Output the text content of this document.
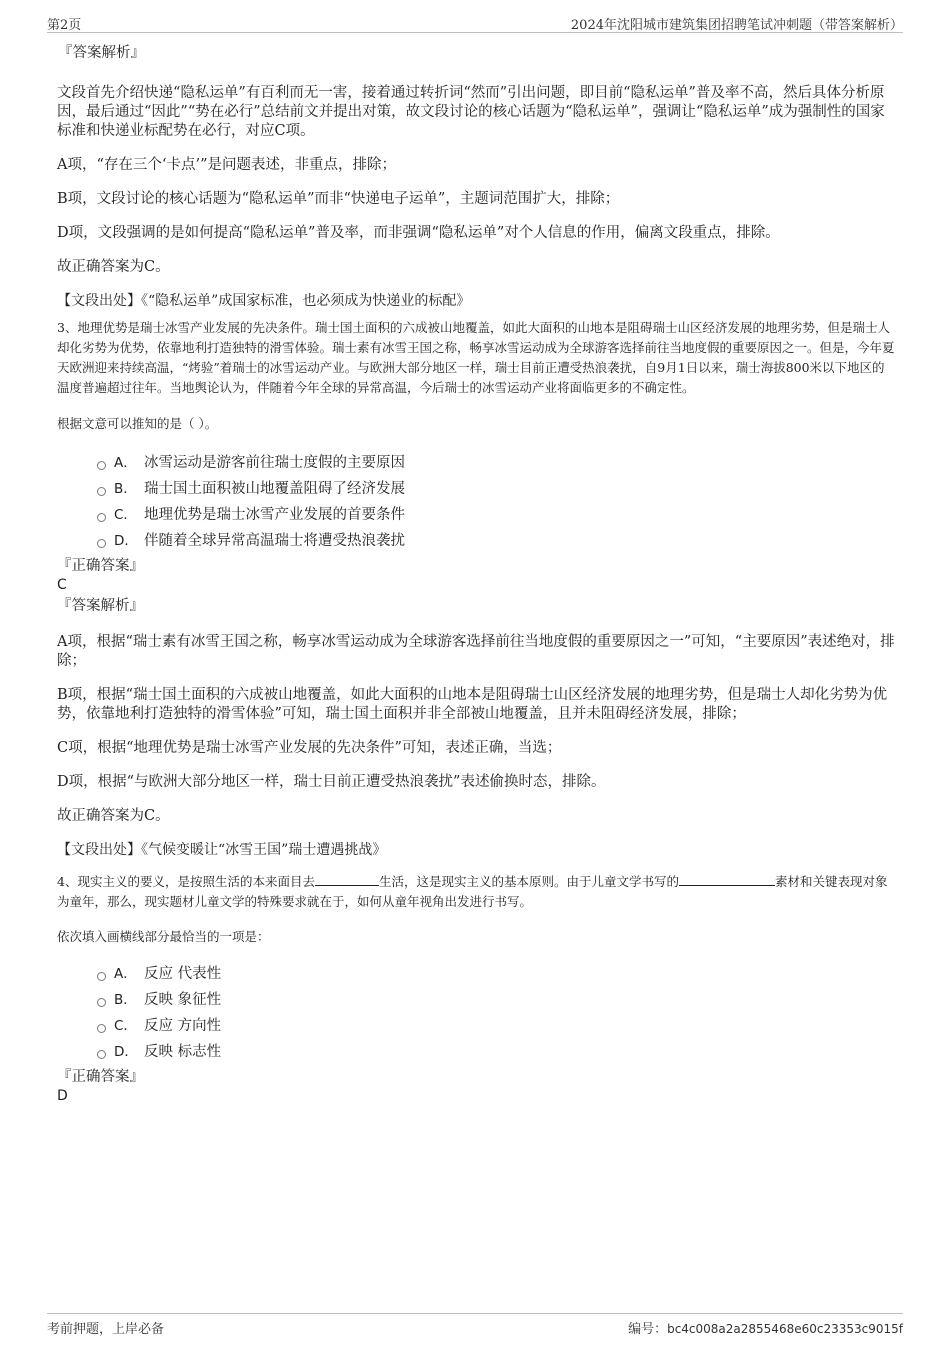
第2页	2024年沈阳城市建筑集团招聘笔试冲刺题（带答案解析）
『答案解析』
文段首先介绍快递“隐私运单”有百利而无一害，接着通过转折词“然而”引出问题，即目前“隐私运单”普及率不高，然后具体分析原因，最后通过“因此”“势在必行”总结前文并提出对策，故文段讨论的核心话题为“隐私运单”，强调让“隐私运单”成为强制性的国家标准和快递业标配势在必行，对应C项。
A项，“存在三个‘卡点’”是问题表述，非重点，排除；
B项，文段讨论的核心话题为“隐私运单”而非“快递电子运单”，主题词范围扩大，排除；
D项，文段强调的是如何提高“隐私运单”普及率，而非强调“隐私运单”对个人信息的作用，偏离文段重点，排除。
故正确答案为C。
【文段出处】《“隐私运单”成国家标准，也必须成为快递业的标配》
3、地理优势是瑞士冰雪产业发展的先决条件。瑞士国土面积的六成被山地覆盖，如此大面积的山地本是阻碍瑞士山区经济发展的地理劣势，但是瑞士人却化劣势为优势，依靠地利打造独特的滑雪体验。瑞士素有冰雪王国之称，畅享冰雪运动成为全球游客选择前往当地度假的重要原因之一。但是，今年夏天欧洲迎来持续高温，“烤验”着瑞士的冰雪运动产业。与欧洲大部分地区一样，瑞士目前正遭受热浪袭扰，自9月1日以来，瑞士海拔800米以下地区的温度普遍超过往年。当地舆论认为，伴随着今年全球的异常高温，今后瑞士的冰雪运动产业将面临更多的不确定性。
根据文意可以推知的是（ ）。
A． 冰雪运动是游客前往瑞士度假的主要原因
B． 瑞士国土面积被山地覆盖阻碍了经济发展
C． 地理优势是瑞士冰雪产业发展的首要条件
D． 伴随着全球异常高温瑞士将遭受热浪袭扰
『正确答案』
C
『答案解析』
A项，根据“瑞士素有冰雪王国之称，畅享冰雪运动成为全球游客选择前往当地度假的重要原因之一”可知，“主要原因”表述绝对，排除；
B项，根据“瑞士国土面积的六成被山地覆盖，如此大面积的山地本是阻碍瑞士山区经济发展的地理劣势，但是瑞士人却化劣势为优势，依靠地利打造独特的滑雪体验”可知，瑞士国土面积并非全部被山地覆盖，且并未阻碍经济发展，排除；
C项，根据“地理优势是瑞士冰雪产业发展的先决条件”可知，表述正确，当选；
D项，根据“与欧洲大部分地区一样，瑞士目前正遭受热浪袭扰”表述偷换时态，排除。
故正确答案为C。
【文段出处】《气候变暖让“冰雪王国”瑞士遭遇挑战》
4、现实主义的要义，是按照生活的本来面目去	生活，这是现实主义的基本原则。由于儿童文学书写的	素材和关键表现对象为童年，那么，现实题材儿童文学的特殊要求就在于，如何从童年视角出发进行书写。
依次填入画横线部分最恰当的一项是：
A． 反应 代表性
B． 反映 象征性
C． 反应 方向性
D． 反映 标志性
『正确答案』
D
考前押题，上岸必备	编号：bc4c008a2a2855468e60c23353c9015f
